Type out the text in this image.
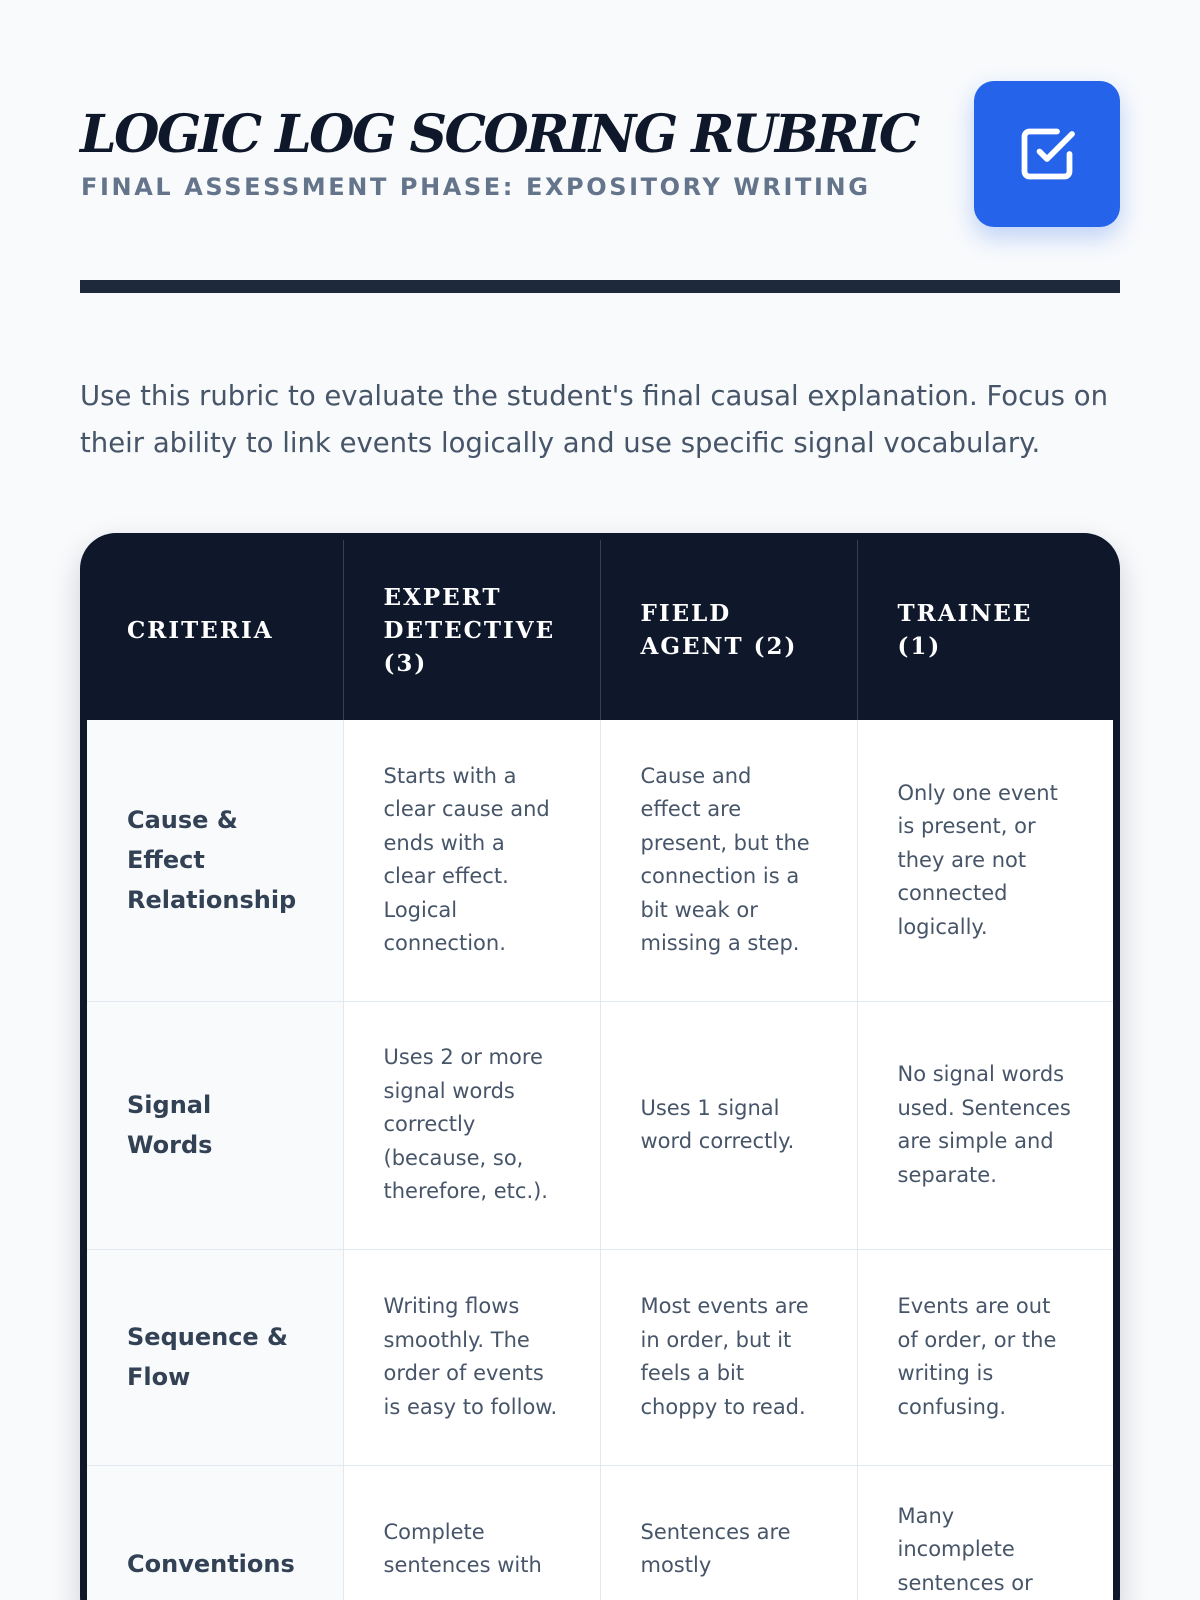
LOGIC LOG SCORING RUBRIC
FINAL ASSESSMENT PHASE: EXPOSITORY WRITING

Use this rubric to evaluate the student's final causal explanation. Focus on their ability to link events logically and use specific signal vocabulary.

CRITERIA	EXPERT DETECTIVE (3)	FIELD AGENT (2)	TRAINEE (1)
Cause & Effect Relationship	Starts with a clear cause and ends with a clear effect. Logical connection.	Cause and effect are present, but the connection is a bit weak or missing a step.	Only one event is present, or they are not connected logically.
Signal Words	Uses 2 or more signal words correctly (because, so, therefore, etc.).	Uses 1 signal word correctly.	No signal words used. Sentences are simple and separate.
Sequence & Flow	Writing flows smoothly. The order of events is easy to follow.	Most events are in order, but it feels a bit choppy to read.	Events are out of order, or the writing is confusing.
Conventions	Complete sentences with	Sentences are mostly	Many incomplete sentences or
